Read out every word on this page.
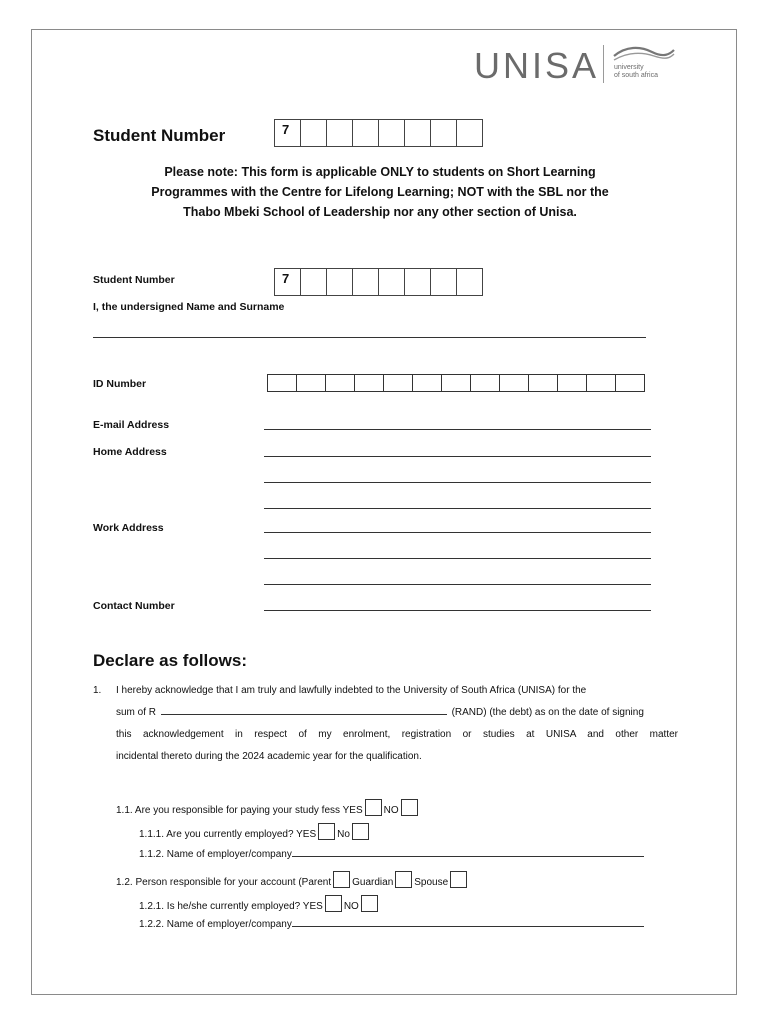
UNISA university
of south africa
Student Number	7
Please note: This form is applicable ONLY to students on Short Learning
Programmes with the Centre for Lifelong Learning; NOT with the SBL nor the
Thabo Mbeki School of Leadership nor any other section of Unisa.
Student Number	7
I, the undersigned Name and Surname
ID Number
E-mail Address
Home Address
Work Address
Contact Number
Declare as follows:
1. I hereby acknowledge that I am truly and lawfully indebted to the University of South Africa (UNISA) for the
sum of R	(RAND) (the debt) as on the date of signing
this acknowledgement in respect of my enrolment, registration or studies at UNISA and other matter
incidental thereto during the 2024 academic year for the qualification.
1.1. Are you responsible for paying your study fess YES NO
1.1.1. Are you currently employed? YES No
1.1.2. Name of employer/company
1.2. Person responsible for your account (Parent Guardian Spouse
1.2.1. Is he/she currently employed? YES NO
1.2.2. Name of employer/company
